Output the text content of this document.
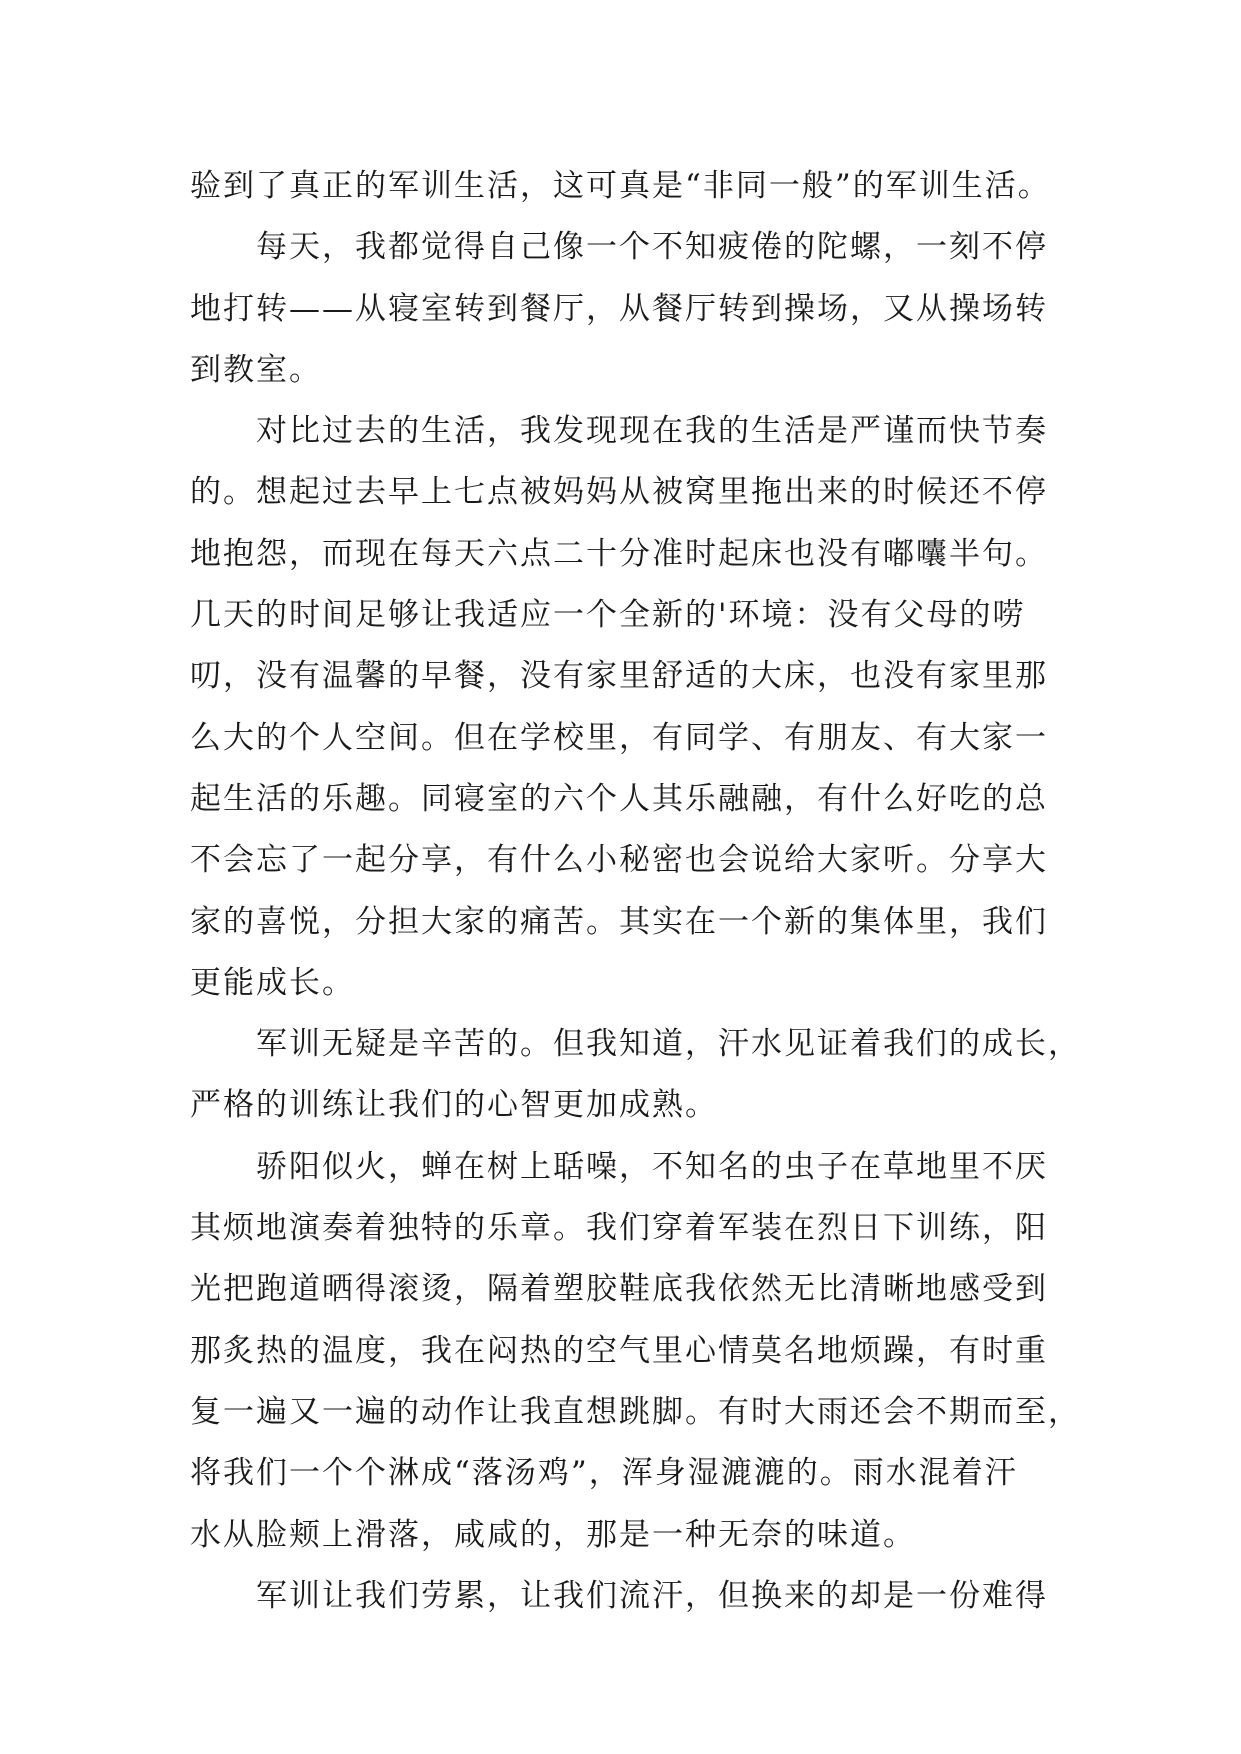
验到了真正的军训生活，这可真是“非同一般”的军训生活。
每天，我都觉得自己像一个不知疲倦的陀螺，一刻不停
地打转——从寝室转到餐厅，从餐厅转到操场，又从操场转
到教室。
对比过去的生活，我发现现在我的生活是严谨而快节奏
的。想起过去早上七点被妈妈从被窝里拖出来的时候还不停
地抱怨，而现在每天六点二十分准时起床也没有嘟囔半句。
几天的时间足够让我适应一个全新的'环境：没有父母的唠
叨，没有温馨的早餐，没有家里舒适的大床，也没有家里那
么大的个人空间。但在学校里，有同学、有朋友、有大家一
起生活的乐趣。同寝室的六个人其乐融融，有什么好吃的总
不会忘了一起分享，有什么小秘密也会说给大家听。分享大
家的喜悦，分担大家的痛苦。其实在一个新的集体里，我们
更能成长。
军训无疑是辛苦的。但我知道，汗水见证着我们的成长，
严格的训练让我们的心智更加成熟。
骄阳似火，蝉在树上聒噪，不知名的虫子在草地里不厌
其烦地演奏着独特的乐章。我们穿着军装在烈日下训练，阳
光把跑道晒得滚烫，隔着塑胶鞋底我依然无比清晰地感受到
那炙热的温度，我在闷热的空气里心情莫名地烦躁，有时重
复一遍又一遍的动作让我直想跳脚。有时大雨还会不期而至，
将我们一个个淋成“落汤鸡”，浑身湿漉漉的。雨水混着汗
水从脸颊上滑落，咸咸的，那是一种无奈的味道。
军训让我们劳累，让我们流汗，但换来的却是一份难得
